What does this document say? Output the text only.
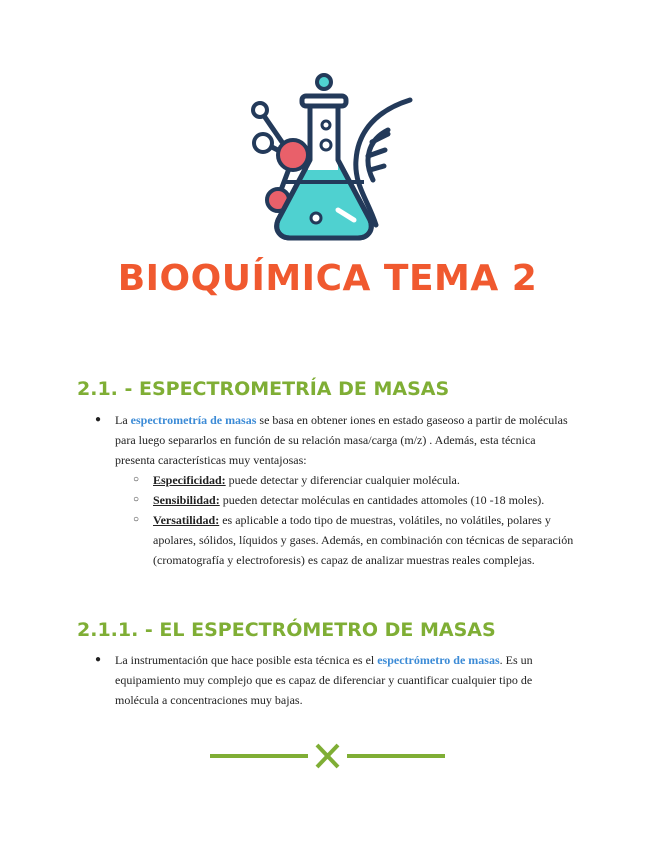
BIOQUÍMICA TEMA 2
2.1. - ESPECTROMETRÍA DE MASAS
●	La espectrometría de masas se basa en obtener iones en estado gaseoso a partir de moléculas para luego separarlos en función de su relación masa/carga (m/z) . Además, esta técnica presenta características muy ventajosas:
○	Especificidad: puede detectar y diferenciar cualquier molécula.
○	Sensibilidad: pueden detectar moléculas en cantidades attomoles (10 -18 moles).
○	Versatilidad: es aplicable a todo tipo de muestras, volátiles, no volátiles, polares y apolares, sólidos, líquidos y gases. Además, en combinación con técnicas de separación (cromatografía y electroforesis) es capaz de analizar muestras reales complejas.
2.1.1. - EL ESPECTRÓMETRO DE MASAS
●	La instrumentación que hace posible esta técnica es el espectrómetro de masas. Es un equipamiento muy complejo que es capaz de diferenciar y cuantificar cualquier tipo de molécula a concentraciones muy bajas.
